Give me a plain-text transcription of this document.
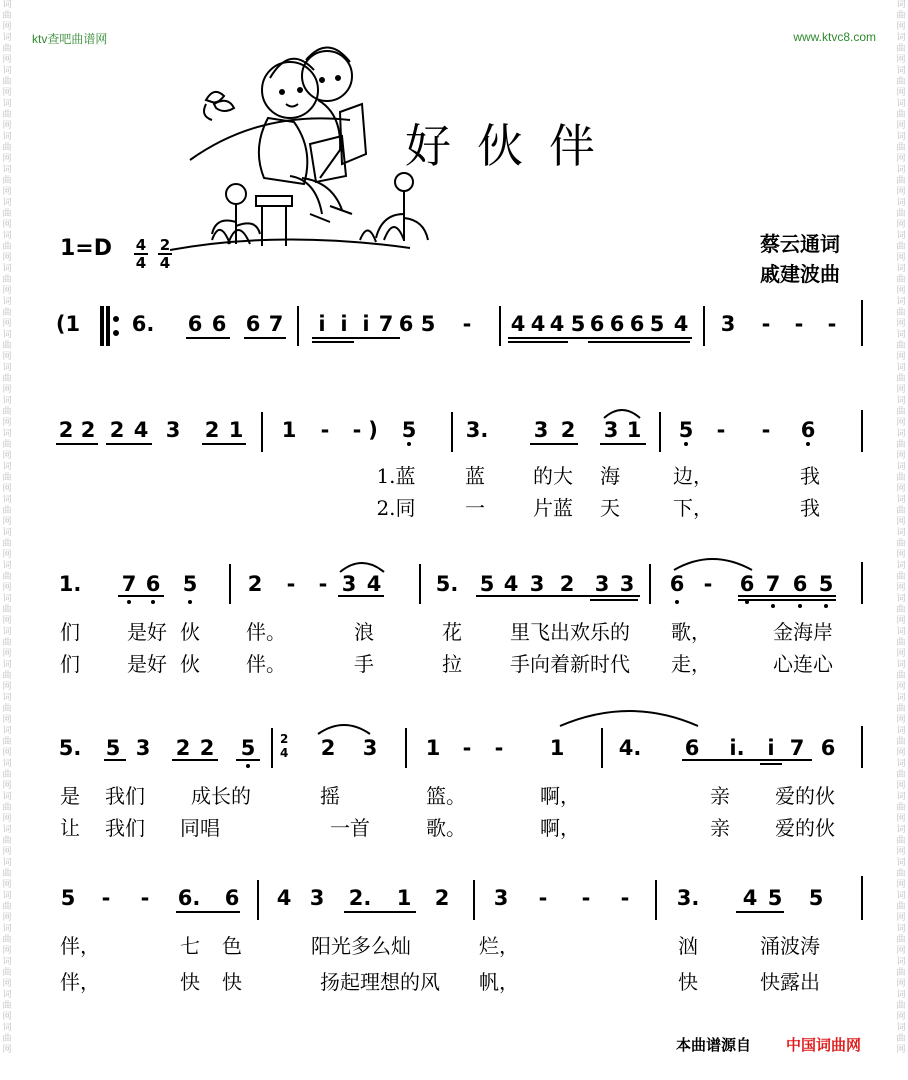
词
曲
网
词
曲
网
词
曲
网
词
曲
网
词
曲
网
词
曲
网
词
曲
网
词
曲
网
词
曲
网
词
曲
网
词
曲
网
词
曲
网
词
曲
网
词
曲
网
词
曲
网
词
曲
网
词
曲
网
词
曲
网
词
曲
网
词
曲
网
词
曲
网
词
曲
网
词
曲
网
词
曲
网
词
曲
网
词
曲
网
词
曲
网
词
曲
网
词
曲
网
词
曲
网
词
曲
网
词
曲
网
词
曲
网
词
曲
网
词
曲
网
词
曲
网
词
曲
网
词
曲
网
词
曲
网
词
曲
网
词
曲
网
词
曲
网
词
曲
网
词
曲
网
词
曲
网
词
曲
网
词
曲
网
词
曲
网
词
曲
网
词
曲
网
词
曲
网
词
曲
网
词
曲
网
词
曲
网
词
曲
网
词
曲
网
词
曲
网
词
曲
网
词
曲
网
词
曲
网
词
曲
网
词
曲
网
词
曲
网
词
曲
网
ktv查吧曲谱网	www.ktvc8.com
好伙伴
1=D 4
4
2
4
蔡云通词
戚建波曲
2
4
(1 6. 6 6 6 7 i i i 7 6 5 - 4 4 4 5 6 6 6 5 4 3 - - -
2 2 2 4 3 2 1 1 - - ) 5 3. 3 2 3 1 5 - - 6
1.蓝 蓝 的大 海	边，	我
2.同 一 片蓝 天	下，	我
1. 7 6 5 2 - - 3 4	5. 5 4 3 2 3 3 6 - 6 7 6 5
们 是好 伙 伴。	浪	花 里飞出欢乐的 歌，	金海岸
们 是好 伙 伴。	手	拉 手向着新时代 走，	心连心
5. 5 3 2 2 5	2 3 1 - - 1	4. 6 i. i 7 6
是 我们 成长的	摇	篮。	啊，	亲 爱的伙
让 我们 同唱	一首	歌。	啊，	亲 爱的伙
5 - - 6. 6 4 3 2. 1 2 3 - - - 3. 4 5 5
伴，	七 色	阳光多么灿	烂，	汹	涌波涛
伴，	快 快	扬起理想的风 帆，	快	快露出
本曲谱源自 中国词曲网
